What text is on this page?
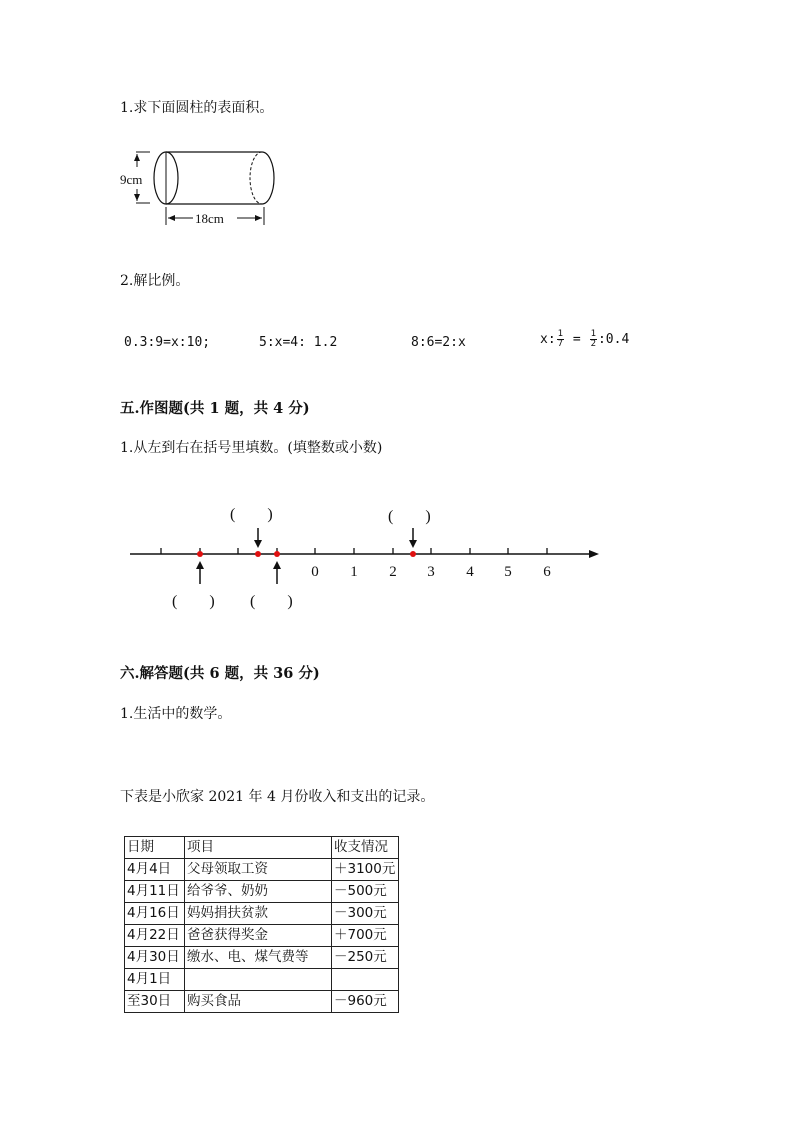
1.求下面圆柱的表面积。
9cm
18cm
2.解比例。
0.3:9=x:10;	5:x=4: 1.2	8:6=2:x	x: $\frac{1}{7} = \frac{1}{2}$ :0.4
五.作图题(共 1 题，共 4 分)
1.从左到右在括号里填数。(填整数或小数)
0 1 2 3 4 5 6
(　　)	(　　)
(　　) (　　)
六.解答题(共 6 题，共 36 分)
1.生活中的数学。
下表是小欣家 2021 年 4 月份收入和支出的记录。
日期	项目	收支情况
4月4日	父母领取工资	＋3100元
4月11日	给爷爷、奶奶	－500元
4月16日	妈妈捐扶贫款	－300元
4月22日	爸爸获得奖金	＋700元
4月30日	缴水、电、煤气费等	－250元
4月1日		
至30日	购买食品	－960元
